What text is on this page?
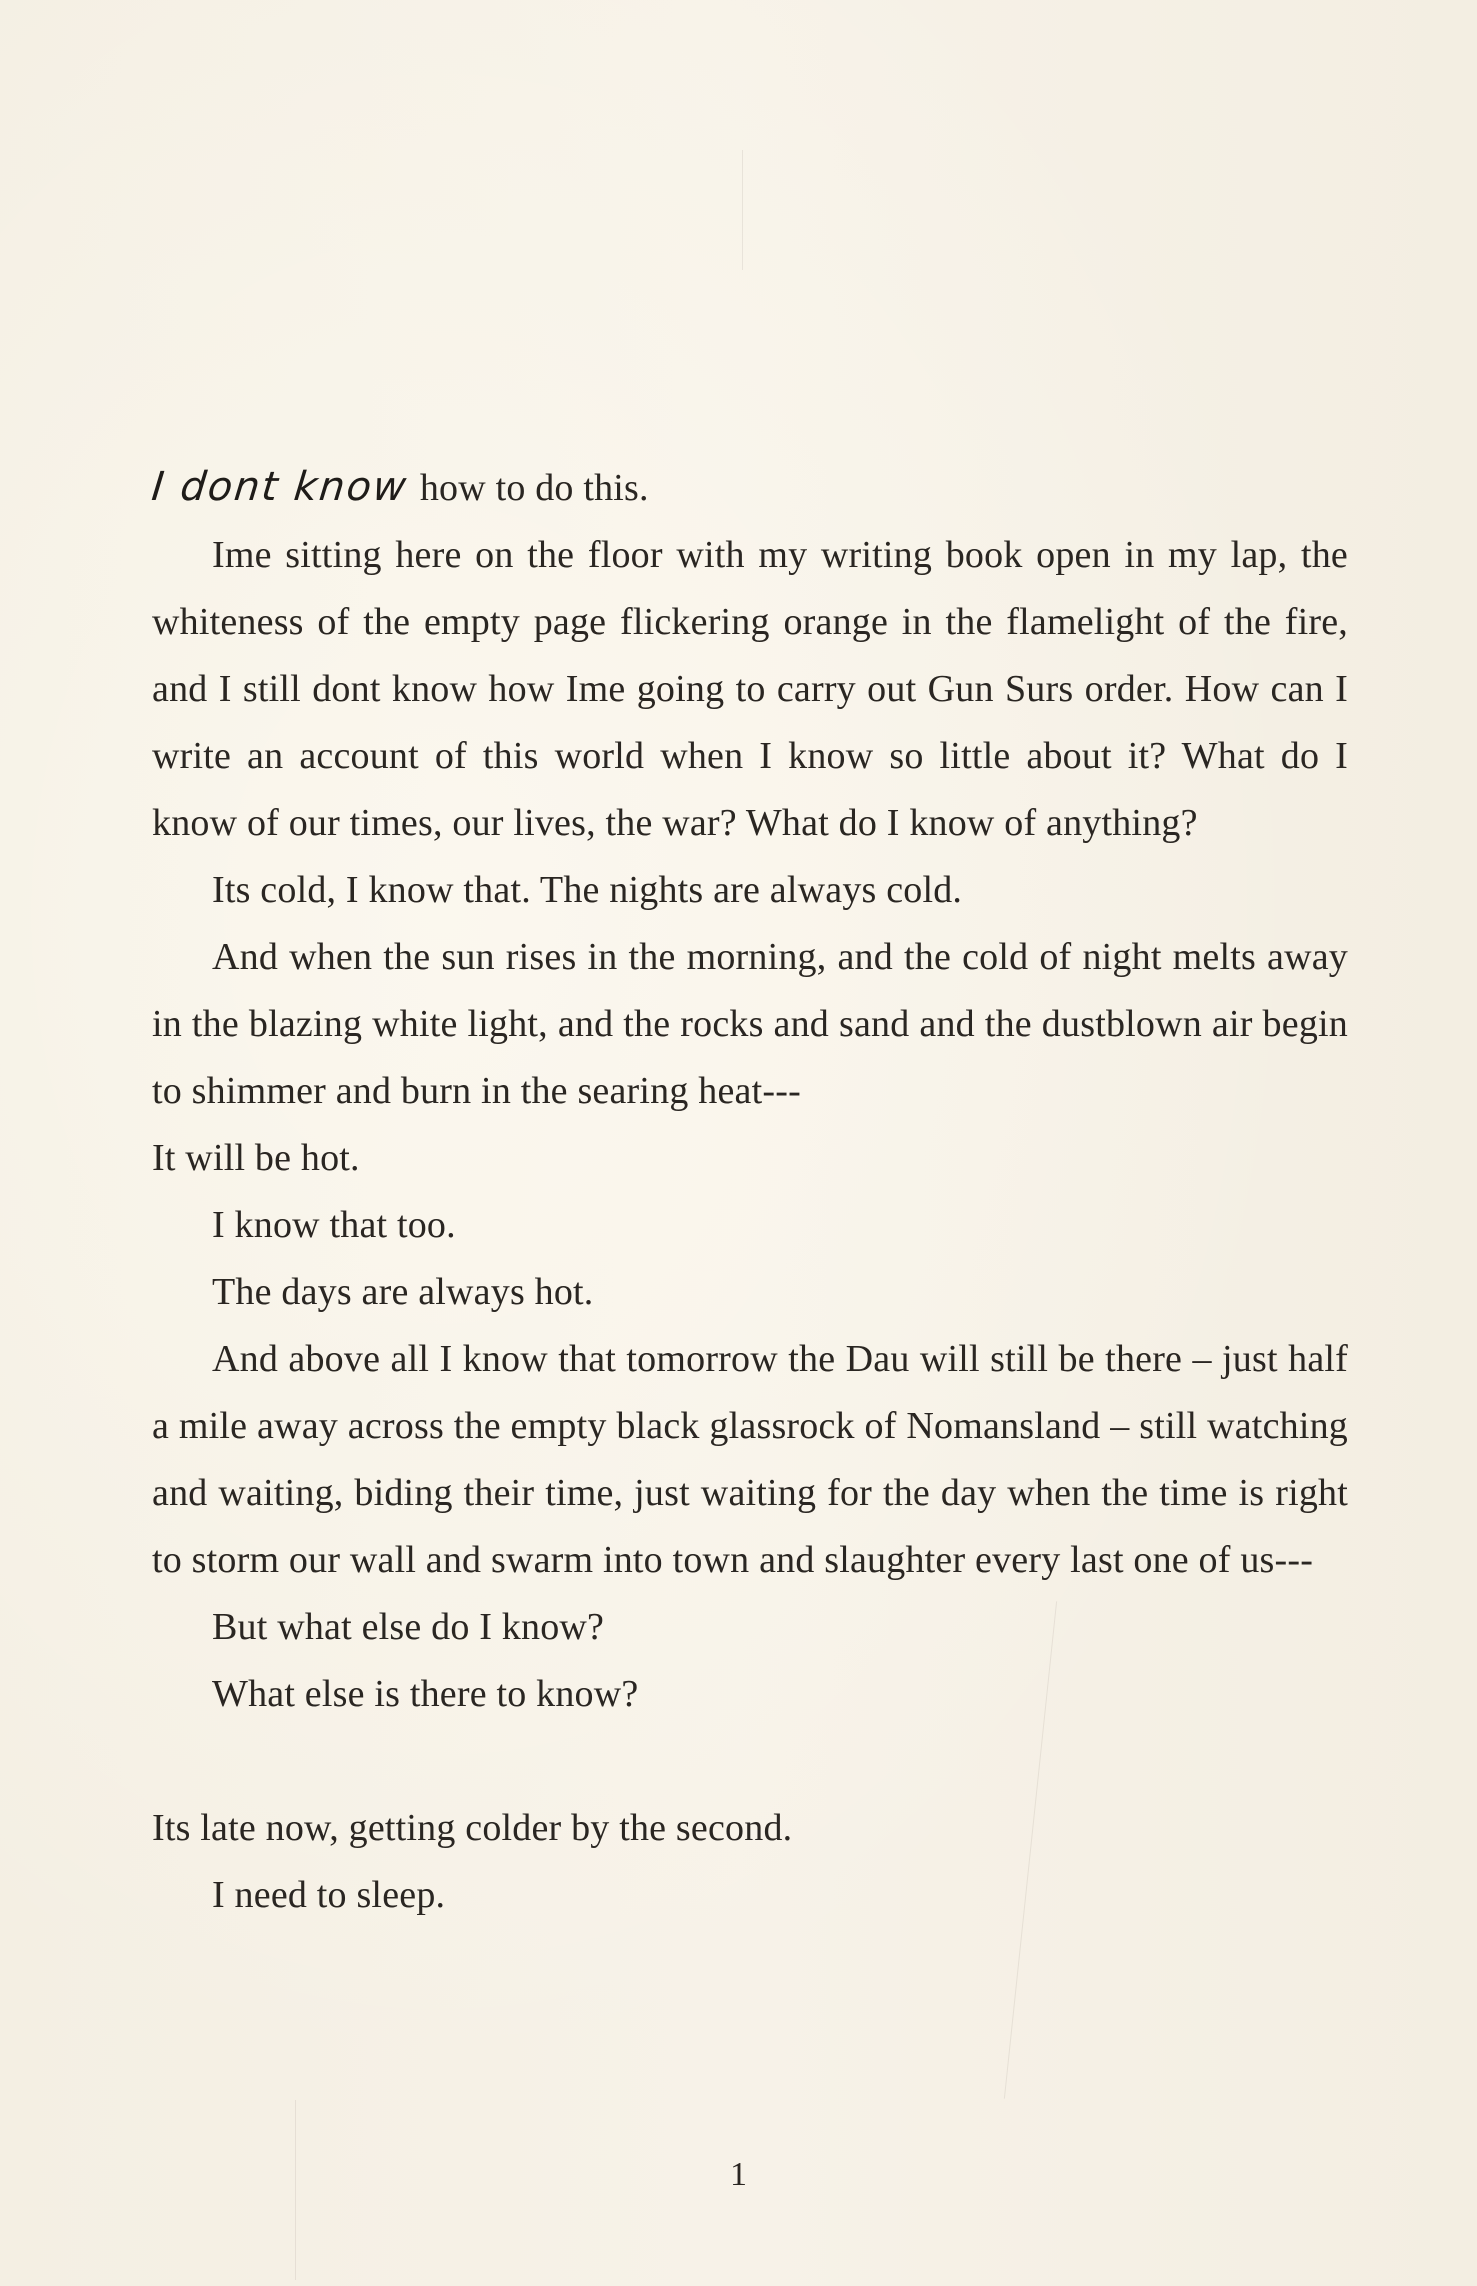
I dont know how to do this.

Ime sitting here on the floor with my writing book open in my lap, the whiteness of the empty page flickering orange in the flamelight of the fire, and I still dont know how Ime going to carry out Gun Surs order. How can I write an account of this world when I know so little about it? What do I know of our times, our lives, the war? What do I know of anything?

Its cold, I know that. The nights are always cold.

And when the sun rises in the morning, and the cold of night melts away in the blazing white light, and the rocks and sand and the dustblown air begin to shimmer and burn in the searing heat---

It will be hot.

I know that too.

The days are always hot.

And above all I know that tomorrow the Dau will still be there – just half a mile away across the empty black glassrock of Nomansland – still watching and waiting, biding their time, just waiting for the day when the time is right to storm our wall and swarm into town and slaughter every last one of us---

But what else do I know?

What else is there to know?

Its late now, getting colder by the second.

I need to sleep.

1
